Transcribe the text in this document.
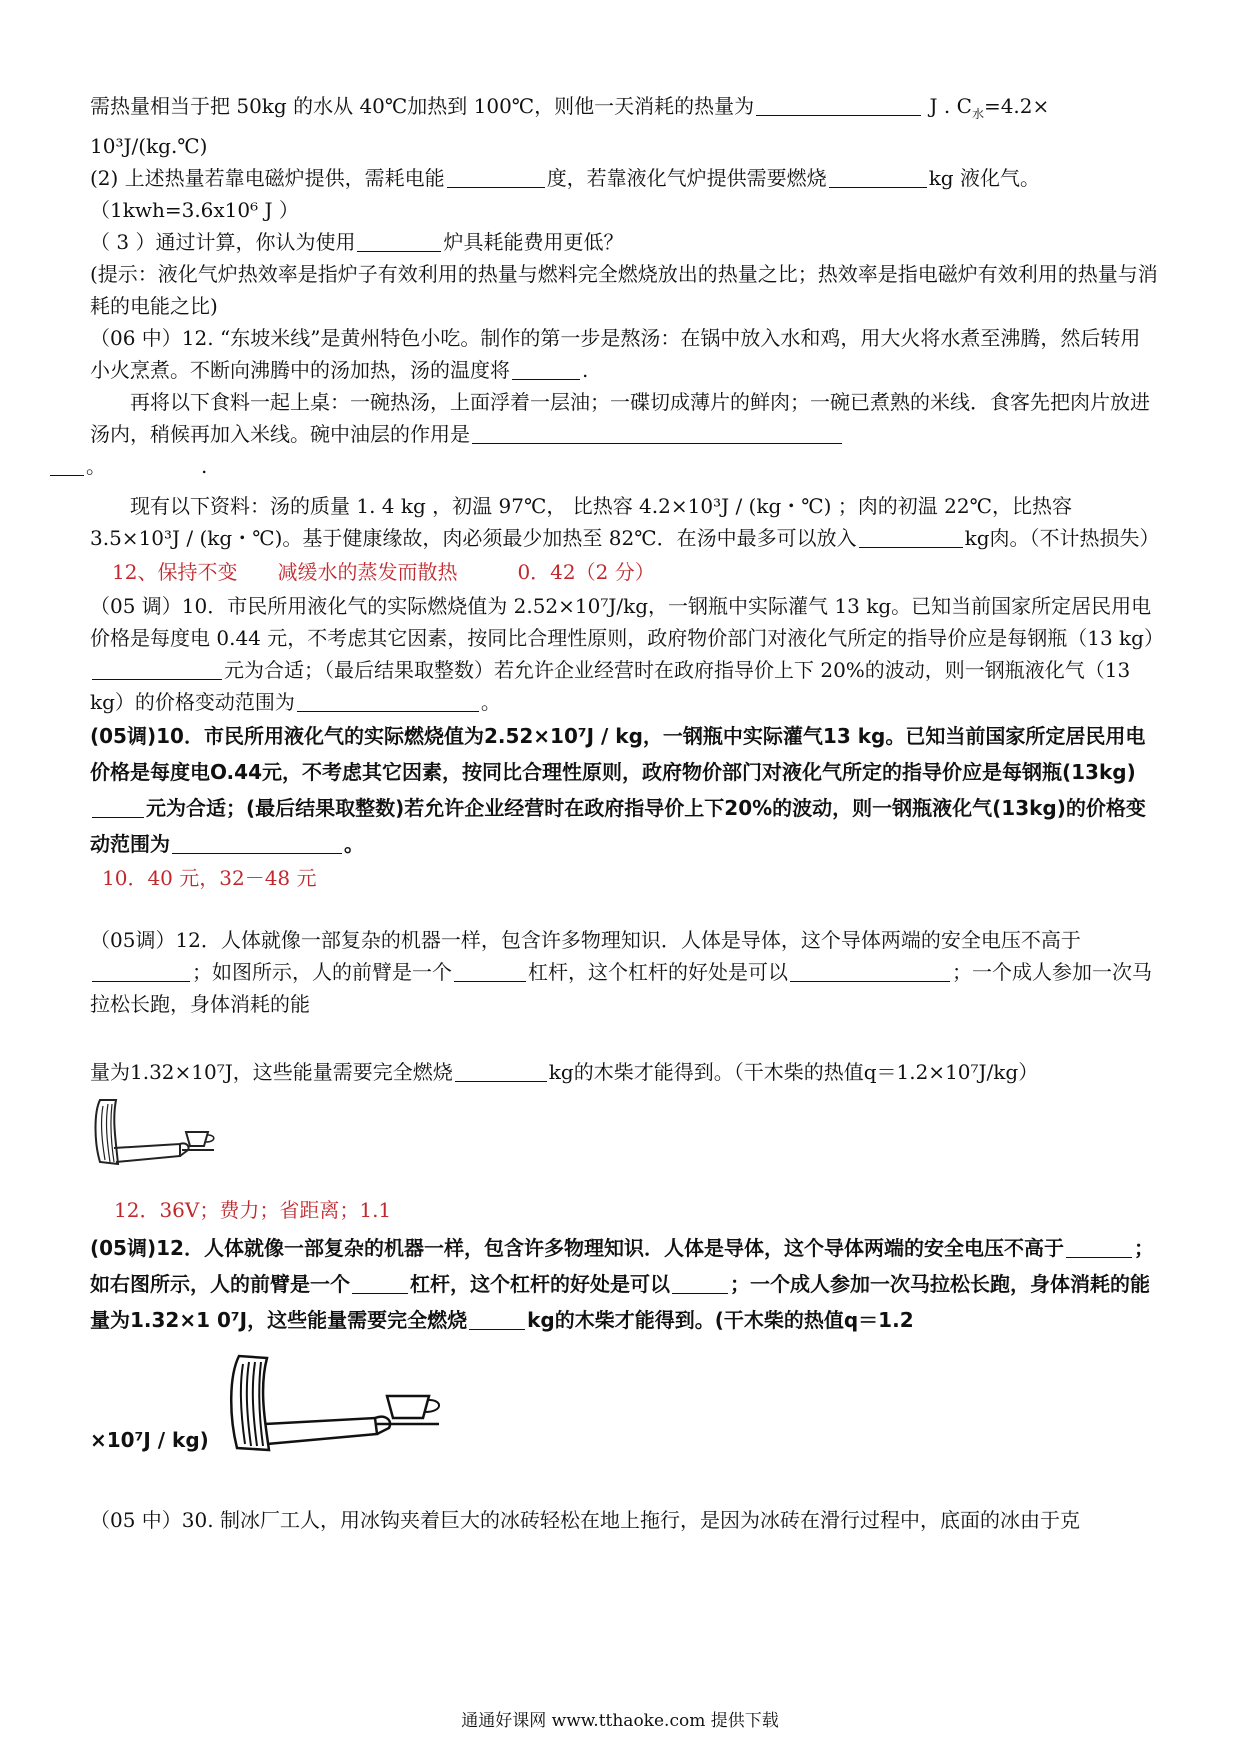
需热量相当于把 50kg 的水从 40℃加热到 100℃，则他一天消耗的热量为	J . $C_水=4.2\times$

10³J/(kg.℃)

(2) 上述热量若靠电磁炉提供，需耗电能	度，若靠液化气炉提供需要燃烧	kg 液化气。

（1kwh=3.6x10⁶ J ）

（ 3 ）通过计算，你认为使用	炉具耗能费用更低？

(提示：液化气炉热效率是指炉子有效利用的热量与燃料完全燃烧放出的热量之比；热效率是指电磁炉有效利用的热量与消耗的电能之比)

（06 中）12. “东坡米线”是黄州特色小吃。制作的第一步是熬汤：在锅中放入水和鸡，用大火将水煮至沸腾，然后转用小火烹煮。不断向沸腾中的汤加热，汤的温度将	.

再将以下食料一起上桌：一碗热汤，上面浮着一层油；一碟切成薄片的鲜肉；一碗已煮熟的米线．食客先把肉片放进汤内，稍候再加入米线。碗中油层的作用是
。	.

现有以下资料：汤的质量 1. 4 kg ，初温 97℃， 比热容 4.2×10³J / (kg・℃) ；肉的初温 22℃，比热容 3.5×10³J / (kg・℃)。基于健康缘故，肉必须最少加热至 82℃．在汤中最多可以放入	kg肉。（不计热损失）

12、保持不变　　减缓水的蒸发而散热　　　0．42（2 分）

（05 调）10．市民所用液化气的实际燃烧值为 2.52×10⁷J/kg，一钢瓶中实际灌气 13 kg。已知当前国家所定居民用电价格是每度电 0.44 元，不考虑其它因素，按同比合理性原则，政府物价部门对液化气所定的指导价应是每钢瓶（13 kg）元为合适；（最后结果取整数）若允许企业经营时在政府指导价上下 20%的波动，则一钢瓶液化气（13 kg）的价格变动范围为	。

(05调)10．市民所用液化气的实际燃烧值为2.52×10⁷J / kg，一钢瓶中实际灌气13 kg。已知当前国家所定居民用电价格是每度电O.44元，不考虑其它因素，按同比合理性原则，政府物价部门对液化气所定的指导价应是每钢瓶(13kg)元为合适；(最后结果取整数)若允许企业经营时在政府指导价上下20%的波动，则一钢瓶液化气(13kg)的价格变动范围为	。

10．40 元，32－48 元

（05调）12．人体就像一部复杂的机器一样，包含许多物理知识．人体是导体，这个导体两端的安全电压不高于；如图所示，人的前臂是一个	杠杆，这个杠杆的好处是可以	；一个成人参加一次马拉松长跑，身体消耗的能

量为1.32×10⁷J，这些能量需要完全燃烧	kg的木柴才能得到。（干木柴的热值q＝1.2×10⁷J/kg）

12．36V；费力；省距离；1.1

(05调)12．人体就像一部复杂的机器一样，包含许多物理知识．人体是导体，这个导体两端的安全电压不高于	；如右图所示，人的前臂是一个	杠杆，这个杠杆的好处是可以	；一个成人参加一次马拉松长跑，身体消耗的能量为1.32×1 0⁷J，这些能量需要完全燃烧	kg的木柴才能得到。(干木柴的热值q＝1.2

×10⁷J / kg)

（05 中）30. 制冰厂工人，用冰钩夹着巨大的冰砖轻松在地上拖行，是因为冰砖在滑行过程中，底面的冰由于克

通通好课网 www.tthaoke.com 提供下载
